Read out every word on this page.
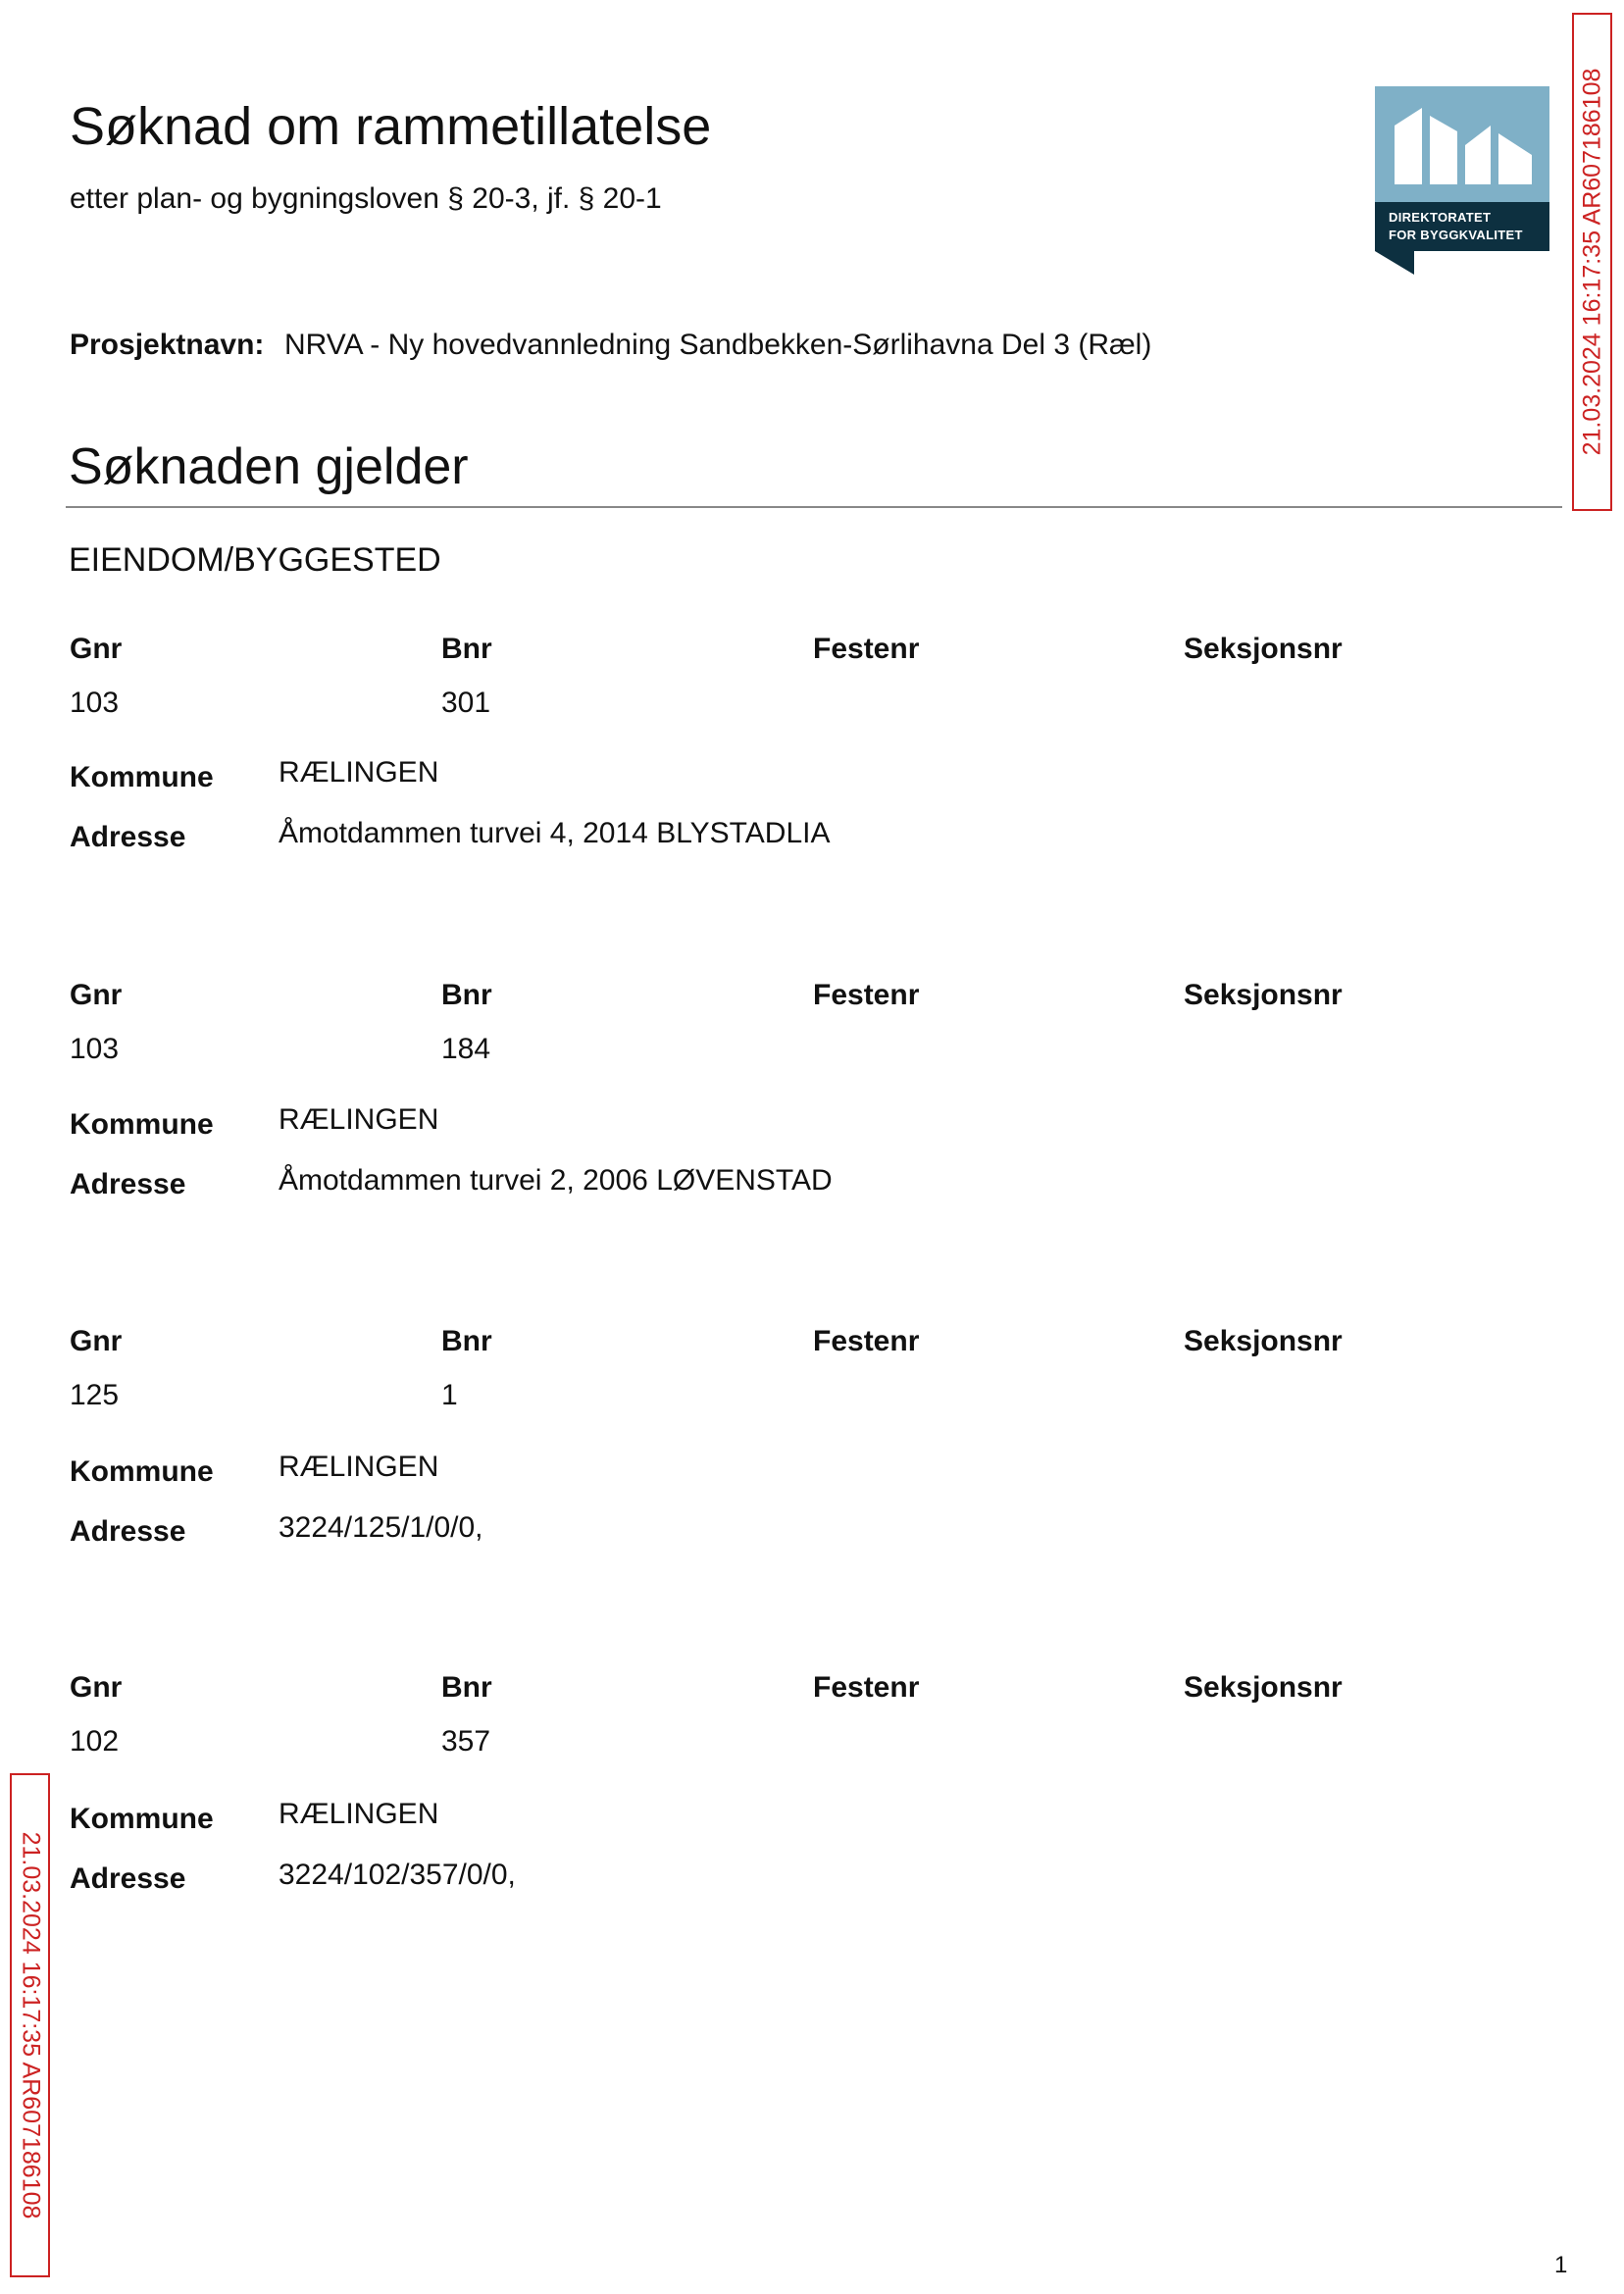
Søknad om rammetillatelse
etter plan- og bygningsloven § 20-3, jf. § 20-1
Prosjektnavn: NRVA - Ny hovedvannledning Sandbekken-Sørlihavna Del 3 (Ræl)
DIREKTORATET
FOR BYGGKVALITET 21.03.2024 16:17:35 AR607186108
Søknaden gjelder
EIENDOM/BYGGESTED
Gnr	Bnr	Festenr	Seksjonsnr
103	301
Kommune RÆLINGEN
Adresse	Åmotdammen turvei 4, 2014 BLYSTADLIA
Gnr	Bnr	Festenr	Seksjonsnr
103	184
Kommune RÆLINGEN
Adresse	Åmotdammen turvei 2, 2006 LØVENSTAD
Gnr	Bnr	Festenr	Seksjonsnr
125	1
Kommune RÆLINGEN
Adresse	3224/125/1/0/0,
Gnr	Bnr	Festenr	Seksjonsnr
102	357
Kommune RÆLINGEN
Adresse	3224/102/357/0/0,
21.03.2024 16:17:35 AR607186108
1
